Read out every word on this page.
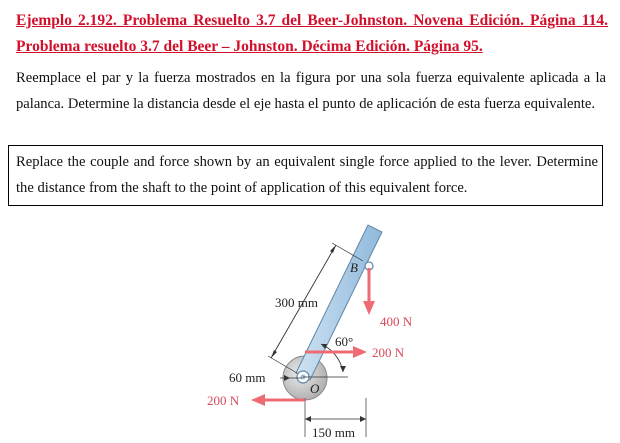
Ejemplo 2.192. Problema Resuelto 3.7 del Beer-Johnston. Novena Edición. Página 114. Problema resuelto 3.7 del Beer – Johnston. Décima Edición. Página 95.
Reemplace el par y la fuerza mostrados en la figura por una sola fuerza equivalente aplicada a la palanca. Determine la distancia desde el eje hasta el punto de aplicación de esta fuerza equivalente.
Replace the couple and force shown by an equivalent single force applied to the lever. Determine the distance from the shaft to the point of application of this equivalent force.
B
O
300 mm
60 mm
150 mm
60°
400 N
200 N
200 N
